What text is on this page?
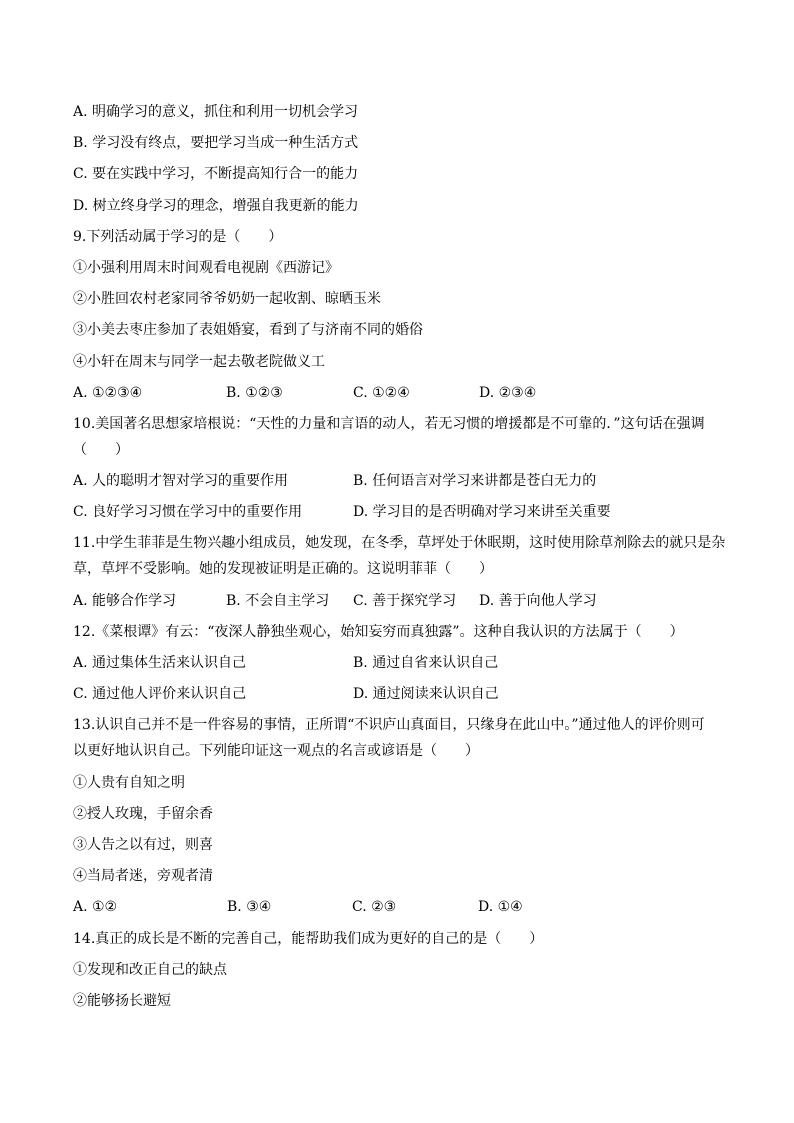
A. 明确学习的意义，抓住和利用一切机会学习
B. 学习没有终点，要把学习当成一种生活方式
C. 要在实践中学习，不断提高知行合一的能力
D. 树立终身学习的理念，增强自我更新的能力
9.下列活动属于学习的是（　　）
①小强利用周末时间观看电视剧《西游记》
②小胜回农村老家同爷爷奶奶一起收割、晾晒玉米
③小美去枣庄参加了表姐婚宴，看到了与济南不同的婚俗
④小轩在周末与同学一起去敬老院做义工
A. ①②③④	B. ①②③	C. ①②④	D. ②③④
10.美国著名思想家培根说：“天性的力量和言语的动人，若无习惯的增援都是不可靠的．”这句话在强调
（　　）
A. 人的聪明才智对学习的重要作用	B. 任何语言对学习来讲都是苍白无力的
C. 良好学习习惯在学习中的重要作用	D. 学习目的是否明确对学习来讲至关重要
11.中学生菲菲是生物兴趣小组成员，她发现，在冬季，草坪处于休眠期，这时使用除草剂除去的就只是杂
草，草坪不受影响。她的发现被证明是正确的。这说明菲菲（　　）
A. 能够合作学习	B. 不会自主学习	C. 善于探究学习	D. 善于向他人学习
12.《菜根谭》有云：“夜深人静独坐观心，始知妄穷而真独露”。这种自我认识的方法属于（　　）
A. 通过集体生活来认识自己	B. 通过自省来认识自己
C. 通过他人评价来认识自己	D. 通过阅读来认识自己
13.认识自己并不是一件容易的事情，正所谓“不识庐山真面目，只缘身在此山中。”通过他人的评价则可
以更好地认识自己。下列能印证这一观点的名言或谚语是（　　）
①人贵有自知之明
②授人玫瑰，手留余香
③人告之以有过，则喜
④当局者迷，旁观者清
A. ①②	B. ③④	C. ②③	D. ①④
14.真正的成长是不断的完善自己，能帮助我们成为更好的自己的是（　　）
①发现和改正自己的缺点
②能够扬长避短
